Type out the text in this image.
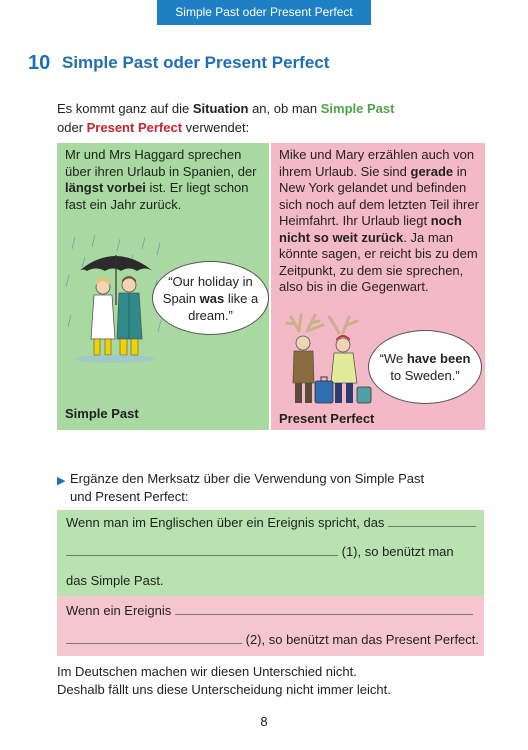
Simple Past oder Present Perfect
10 Simple Past oder Present Perfect
Es kommt ganz auf die Situation an, ob man Simple Past
oder Present Perfect verwendet:
Mr und Mrs Haggard sprechen über ihren Urlaub in Spanien, der längst vorbei ist. Er liegt schon fast ein Jahr zurück.
“Our holiday in Spain was like a dream.”
Simple Past
Mike und Mary erzählen auch von ihrem Urlaub. Sie sind gerade in New York gelandet und befinden sich noch auf dem letzten Teil ihrer Heimfahrt. Ihr Urlaub liegt noch nicht so weit zurück. Ja man könnte sagen, er reicht bis zu dem Zeitpunkt, zu dem sie sprechen, also bis in die Gegenwart.
“We have been
to Sweden.”
Present Perfect
▶ Ergänze den Merksatz über die Verwendung von Simple Past
und Present Perfect:
Wenn man im Englischen über ein Ereignis spricht, das
(1), so benützt man
das Simple Past.
Wenn ein Ereignis
(2), so benützt man das Present Perfect.
Im Deutschen machen wir diesen Unterschied nicht.
Deshalb fällt uns diese Unterscheidung nicht immer leicht.
8
